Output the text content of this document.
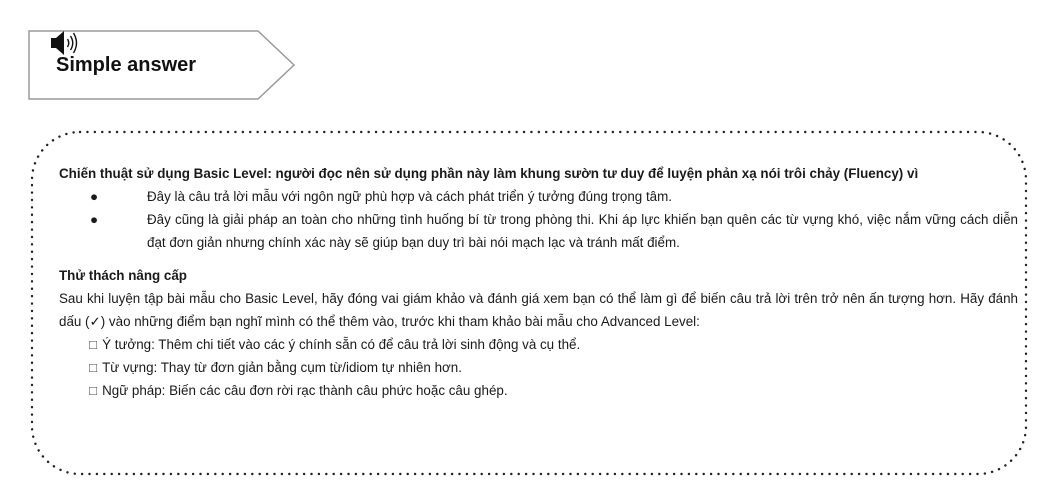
Simple answer
Chiến thuật sử dụng Basic Level: người đọc nên sử dụng phần này làm khung sườn tư duy để luyện phản xạ nói trôi chảy (Fluency) vì
●	Đây là câu trả lời mẫu với ngôn ngữ phù hợp và cách phát triển ý tưởng đúng trọng tâm.
●	Đây cũng là giải pháp an toàn cho những tình huống bí từ trong phòng thi. Khi áp lực khiến bạn quên các từ vựng khó, việc nắm vững cách diễn đạt đơn giản nhưng chính xác này sẽ giúp bạn duy trì bài nói mạch lạc và tránh mất điểm.
Thử thách nâng cấp
Sau khi luyện tập bài mẫu cho Basic Level, hãy đóng vai giám khảo và đánh giá xem bạn có thể làm gì để biến câu trả lời trên trở nên ấn tượng hơn. Hãy đánh dấu (✓) vào những điểm bạn nghĩ mình có thể thêm vào, trước khi tham khảo bài mẫu cho Advanced Level:
□ Ý tưởng: Thêm chi tiết vào các ý chính sẵn có để câu trả lời sinh động và cụ thể.
□ Từ vựng: Thay từ đơn giản bằng cụm từ/idiom tự nhiên hơn.
□ Ngữ pháp: Biến các câu đơn rời rạc thành câu phức hoặc câu ghép.
